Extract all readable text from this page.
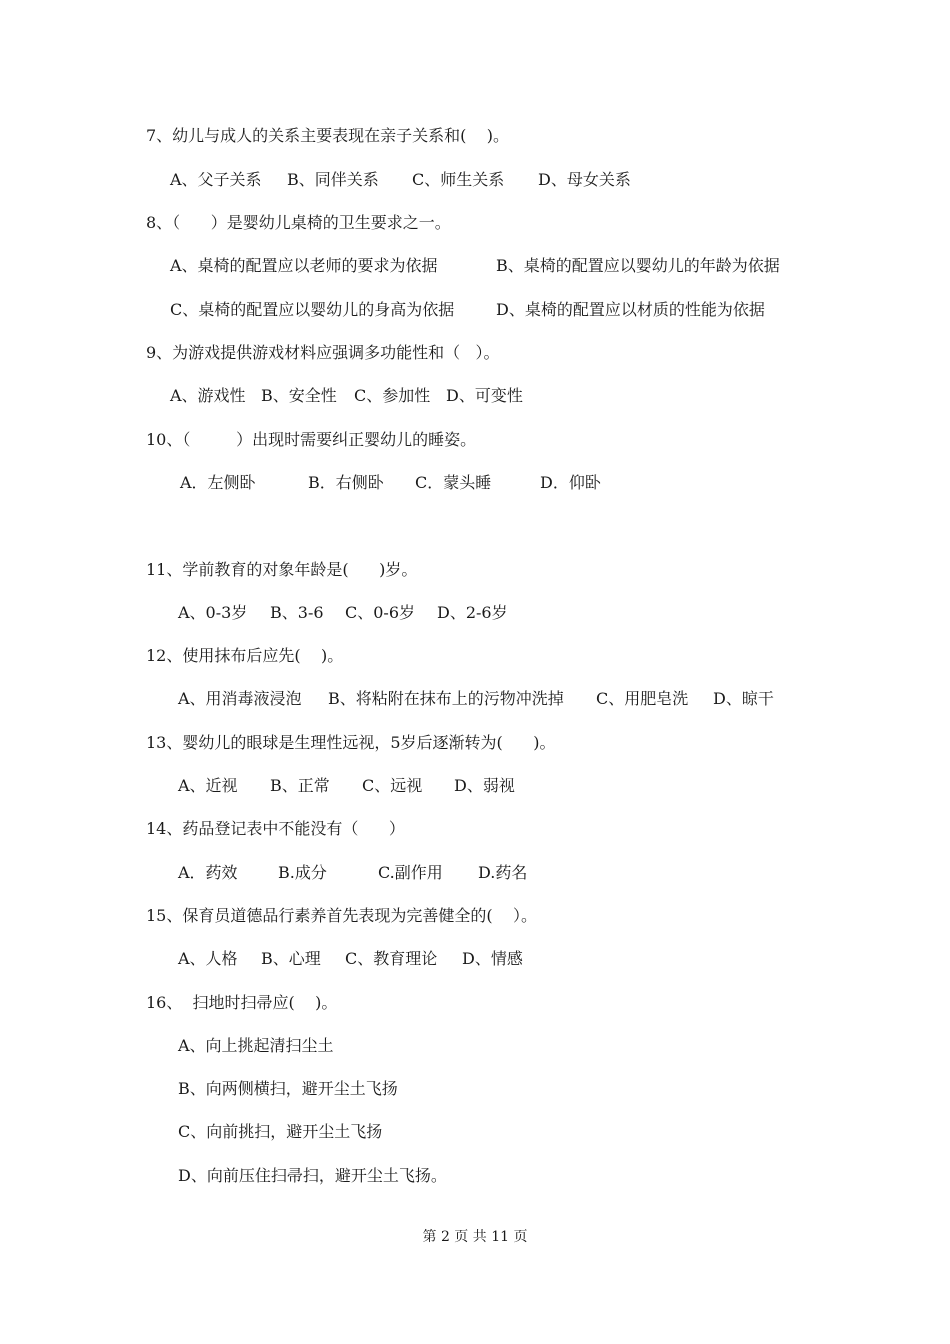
7、幼儿与成人的关系主要表现在亲子关系和(    )。
A、父子关系 B、同伴关系 C、师生关系 D、母女关系
8、（      ）是婴幼儿桌椅的卫生要求之一。
A、桌椅的配置应以老师的要求为依据	B、桌椅的配置应以婴幼儿的年龄为依据
C、桌椅的配置应以婴幼儿的身高为依据	D、桌椅的配置应以材质的性能为依据
9、为游戏提供游戏材料应强调多功能性和（   ）。
A、游戏性 B、安全性 C、参加性 D、可变性
10、（         ）出现时需要纠正婴幼儿的睡姿。
A．左侧卧	B．右侧卧 C．蒙头睡	D．仰卧
11、学前教育的对象年龄是(      )岁。
A、0-3岁 B、3-6 C、0-6岁 D、2-6岁
12、使用抹布后应先(    )。
A、用消毒液浸泡 B、将粘附在抹布上的污物冲洗掉 C、用肥皂洗 D、晾干
13、婴幼儿的眼球是生理性远视，5岁后逐渐转为(      )。
A、近视 B、正常 C、远视 D、弱视
14、药品登记表中不能没有（      ）
A．药效	B.成分	C.副作用 D.药名
15、保育员道德品行素养首先表现为完善健全的(    ）。
A、人格 B、心理 C、教育理论 D、情感
16、  扫地时扫帚应(    )。
A、向上挑起清扫尘土
B、向两侧横扫，避开尘土飞扬
C、向前挑扫，避开尘土飞扬
D、向前压住扫帚扫，避开尘土飞扬。
第 2 页 共 11 页
